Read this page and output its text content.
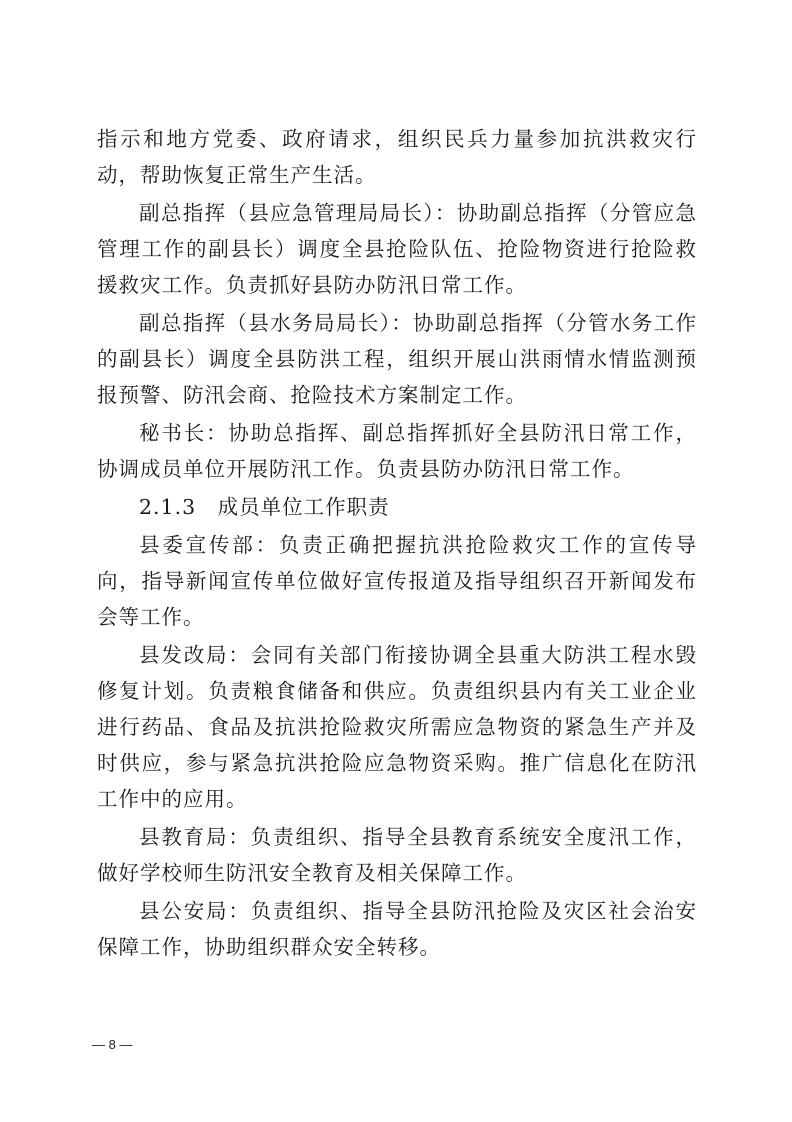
指示和地方党委、政府请求，组织民兵力量参加抗洪救灾行动，帮助恢复正常生产生活。

副总指挥（县应急管理局局长）：协助副总指挥（分管应急管理工作的副县长）调度全县抢险队伍、抢险物资进行抢险救援救灾工作。负责抓好县防办防汛日常工作。

副总指挥（县水务局局长）：协助副总指挥（分管水务工作的副县长）调度全县防洪工程，组织开展山洪雨情水情监测预报预警、防汛会商、抢险技术方案制定工作。

秘书长：协助总指挥、副总指挥抓好全县防汛日常工作，协调成员单位开展防汛工作。负责县防办防汛日常工作。

2.1.3　成员单位工作职责

县委宣传部：负责正确把握抗洪抢险救灾工作的宣传导向，指导新闻宣传单位做好宣传报道及指导组织召开新闻发布会等工作。

县发改局：会同有关部门衔接协调全县重大防洪工程水毁修复计划。负责粮食储备和供应。负责组织县内有关工业企业进行药品、食品及抗洪抢险救灾所需应急物资的紧急生产并及时供应，参与紧急抗洪抢险应急物资采购。推广信息化在防汛工作中的应用。

县教育局：负责组织、指导全县教育系统安全度汛工作，做好学校师生防汛安全教育及相关保障工作。

县公安局：负责组织、指导全县防汛抢险及灾区社会治安保障工作，协助组织群众安全转移。

— 8 —
